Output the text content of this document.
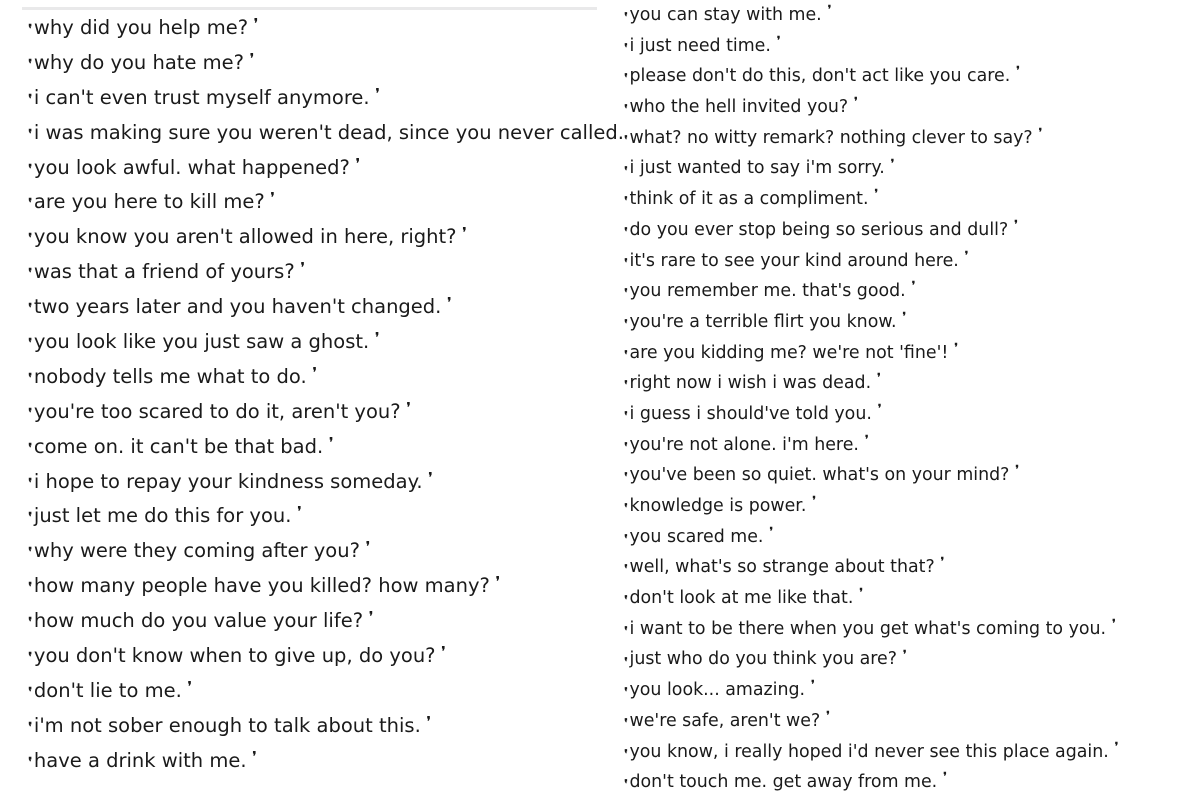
❛ why did you help me? ❜
❛ why do you hate me? ❜
❛ i can't even trust myself anymore. ❜
❛ i was making sure you weren't dead, since you never called.
❛ you look awful. what happened? ❜
❛ are you here to kill me? ❜
❛ you know you aren't allowed in here, right? ❜
❛ was that a friend of yours? ❜
❛ two years later and you haven't changed. ❜
❛ you look like you just saw a ghost. ❜
❛ nobody tells me what to do. ❜
❛ you're too scared to do it, aren't you? ❜
❛ come on. it can't be that bad. ❜
❛ i hope to repay your kindness someday. ❜
❛ just let me do this for you. ❜
❛ why were they coming after you? ❜
❛ how many people have you killed? how many? ❜
❛ how much do you value your life? ❜
❛ you don't know when to give up, do you? ❜
❛ don't lie to me. ❜
❛ i'm not sober enough to talk about this. ❜
❛ have a drink with me. ❜
❛ you can stay with me. ❜
❛ i just need time. ❜
❛ please don't do this, don't act like you care. ❜
❛ who the hell invited you? ❜
❛ what? no witty remark? nothing clever to say? ❜
❛ i just wanted to say i'm sorry. ❜
❛ think of it as a compliment. ❜
❛ do you ever stop being so serious and dull? ❜
❛ it's rare to see your kind around here. ❜
❛ you remember me. that's good. ❜
❛ you're a terrible flirt you know. ❜
❛ are you kidding me? we're not 'fine'! ❜
❛ right now i wish i was dead. ❜
❛ i guess i should've told you. ❜
❛ you're not alone. i'm here. ❜
❛ you've been so quiet. what's on your mind? ❜
❛ knowledge is power. ❜
❛ you scared me. ❜
❛ well, what's so strange about that? ❜
❛ don't look at me like that. ❜
❛ i want to be there when you get what's coming to you. ❜
❛ just who do you think you are? ❜
❛ you look... amazing. ❜
❛ we're safe, aren't we? ❜
❛ you know, i really hoped i'd never see this place again. ❜
❛ don't touch me. get away from me. ❜
